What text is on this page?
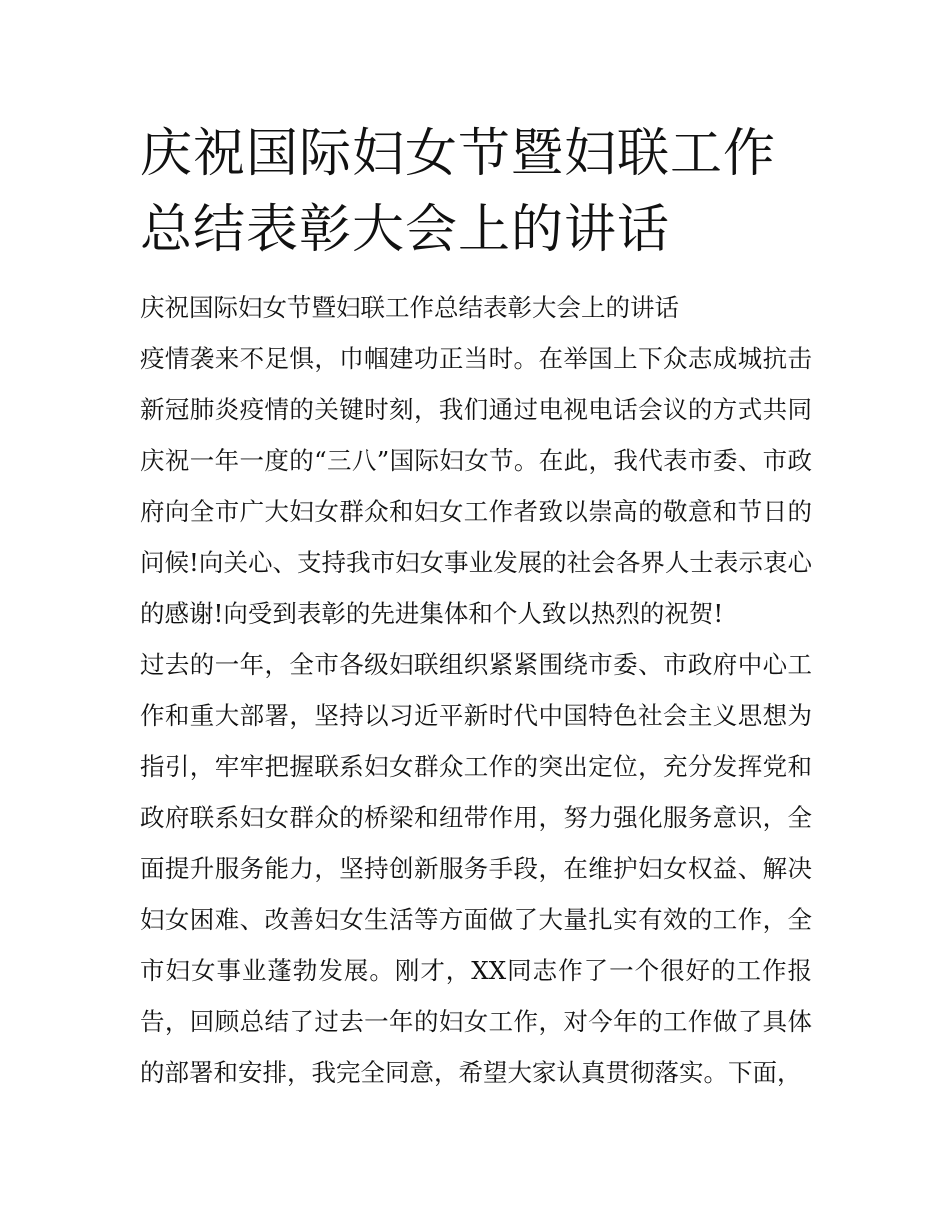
庆祝国际妇女节暨妇联工作总结表彰大会上的讲话

庆祝国际妇女节暨妇联工作总结表彰大会上的讲话

疫情袭来不足惧，巾帼建功正当时。在举国上下众志成城抗击新冠肺炎疫情的关键时刻，我们通过电视电话会议的方式共同庆祝一年一度的“三八”国际妇女节。在此，我代表市委、市政府向全市广大妇女群众和妇女工作者致以崇高的敬意和节日的问候!向关心、支持我市妇女事业发展的社会各界人士表示衷心的感谢!向受到表彰的先进集体和个人致以热烈的祝贺!

过去的一年，全市各级妇联组织紧紧围绕市委、市政府中心工作和重大部署，坚持以习近平新时代中国特色社会主义思想为指引，牢牢把握联系妇女群众工作的突出定位，充分发挥党和政府联系妇女群众的桥梁和纽带作用，努力强化服务意识，全面提升服务能力，坚持创新服务手段，在维护妇女权益、解决妇女困难、改善妇女生活等方面做了大量扎实有效的工作，全市妇女事业蓬勃发展。刚才，XX同志作了一个很好的工作报告，回顾总结了过去一年的妇女工作，对今年的工作做了具体的部署和安排，我完全同意，希望大家认真贯彻落实。下面，
